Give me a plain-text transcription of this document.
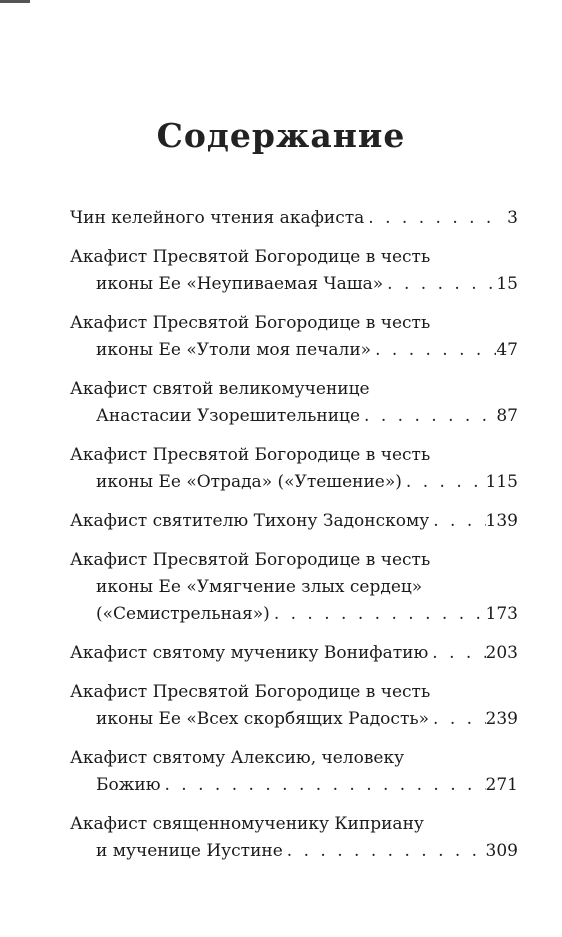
Содержание
Чин келейного чтения акафиста . . .	3
Акафист Пресвятой Богородице в честь
иконы Ее «Неупиваемая Чаша» . . .	15
Акафист Пресвятой Богородице в честь
иконы Ее «Утоли моя печали» . . .	47
Акафист святой великомученице
Анастасии Узорешительнице . . .	87
Акафист Пресвятой Богородице в честь
иконы Ее «Отрада» («Утешение») . . .	115
Акафист святителю Тихону Задонскому . . .	139
Акафист Пресвятой Богородице в честь
иконы Ее «Умягчение злых сердец»
(«Семистрельная») . . .	173
Акафист святому мученику Вонифатию . . .	203
Акафист Пресвятой Богородице в честь
иконы Ее «Всех скорбящих Радость» . . .	239
Акафист святому Алексию, человеку
Божию . . .	271
Акафист священномученику Киприану
и мученице Иустине . . .	309
